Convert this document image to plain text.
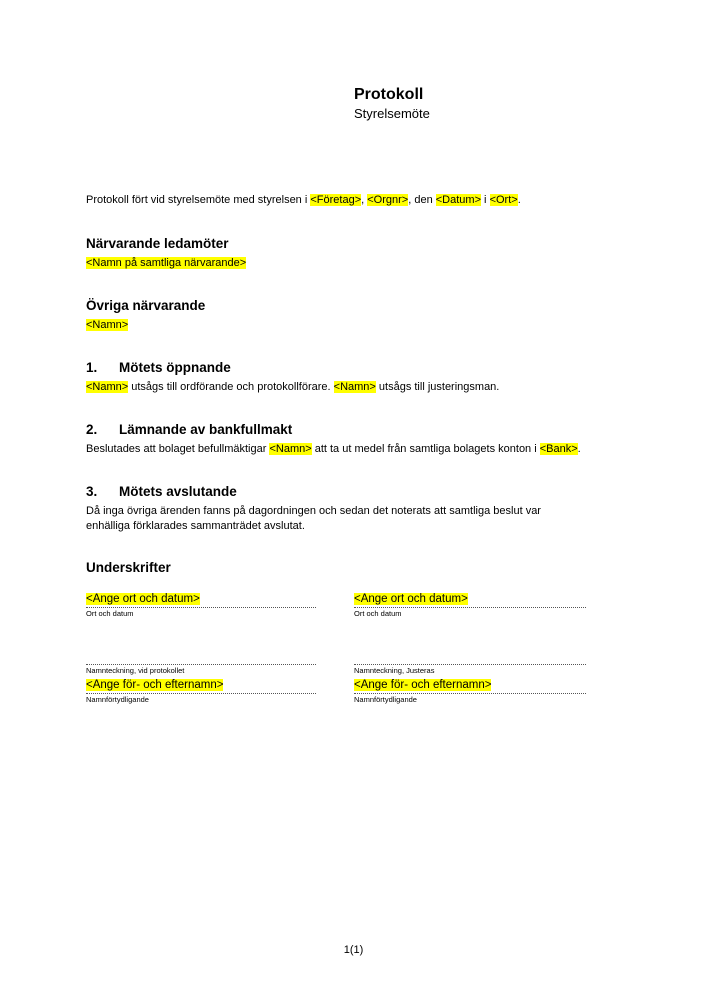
Protokoll
Styrelsemöte
Protokoll fört vid styrelsemöte med styrelsen i <Företag>, <Orgnr>, den <Datum> i <Ort>.
Närvarande ledamöter
<Namn på samtliga närvarande>
Övriga närvarande
<Namn>
1. Mötets öppnande
<Namn> utsågs till ordförande och protokollförare. <Namn> utsågs till justeringsman.
2. Lämnande av bankfullmakt
Beslutades att bolaget befullmäktigar <Namn> att ta ut medel från samtliga bolagets konton i <Bank>.
3. Mötets avslutande
Då inga övriga ärenden fanns på dagordningen och sedan det noterats att samtliga beslut var
enhälliga förklarades sammanträdet avslutat.
Underskrifter
<Ange ort och datum>
Ort och datum
Namnteckning, vid protokollet
<Ange för- och efternamn>
Namnförtydligande
<Ange ort och datum>
Ort och datum
Namnteckning, Justeras
<Ange för- och efternamn>
Namnförtydligande
1(1)
